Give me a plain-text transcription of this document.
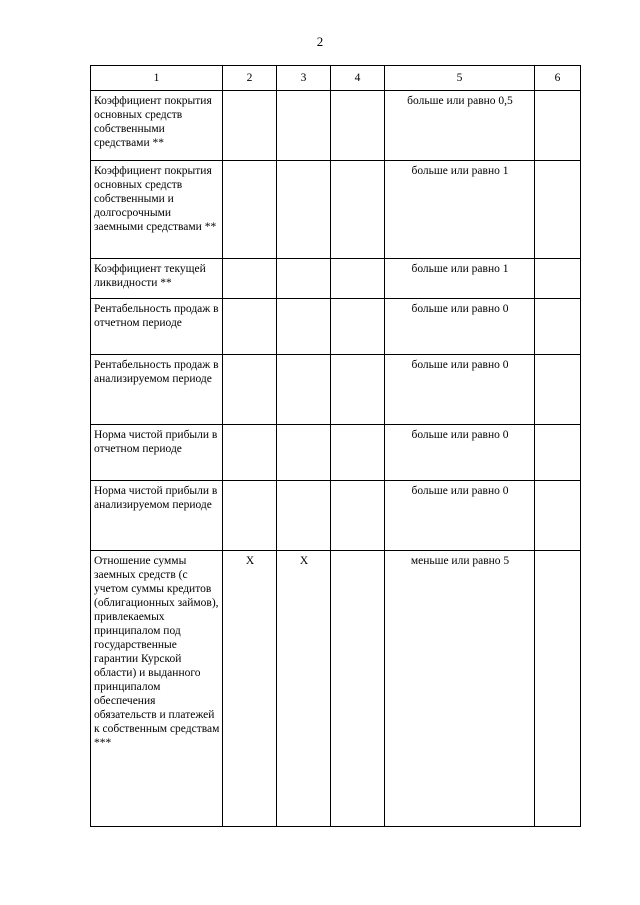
2
1	2	3	4	5	6
Коэффициент покрытия основных средств собственными средствами **				больше или равно 0,5	
Коэффициент покрытия основных средств собственными и долгосрочными заемными средствами **				больше или равно 1	
Коэффициент текущей ликвидности **				больше или равно 1	
Рентабельность продаж в отчетном периоде				больше или равно 0	
Рентабельность продаж в анализируемом периоде				больше или равно 0	
Норма чистой прибыли в отчетном периоде				больше или равно 0	
Норма чистой прибыли в анализируемом периоде				больше или равно 0	
Отношение суммы заемных средств (с учетом суммы кредитов (облигационных займов), привлекаемых принципалом под государственные гарантии Курской области) и выданного принципалом обеспечения обязательств и платежей к собственным средствам ***	Х	Х		меньше или равно 5	
